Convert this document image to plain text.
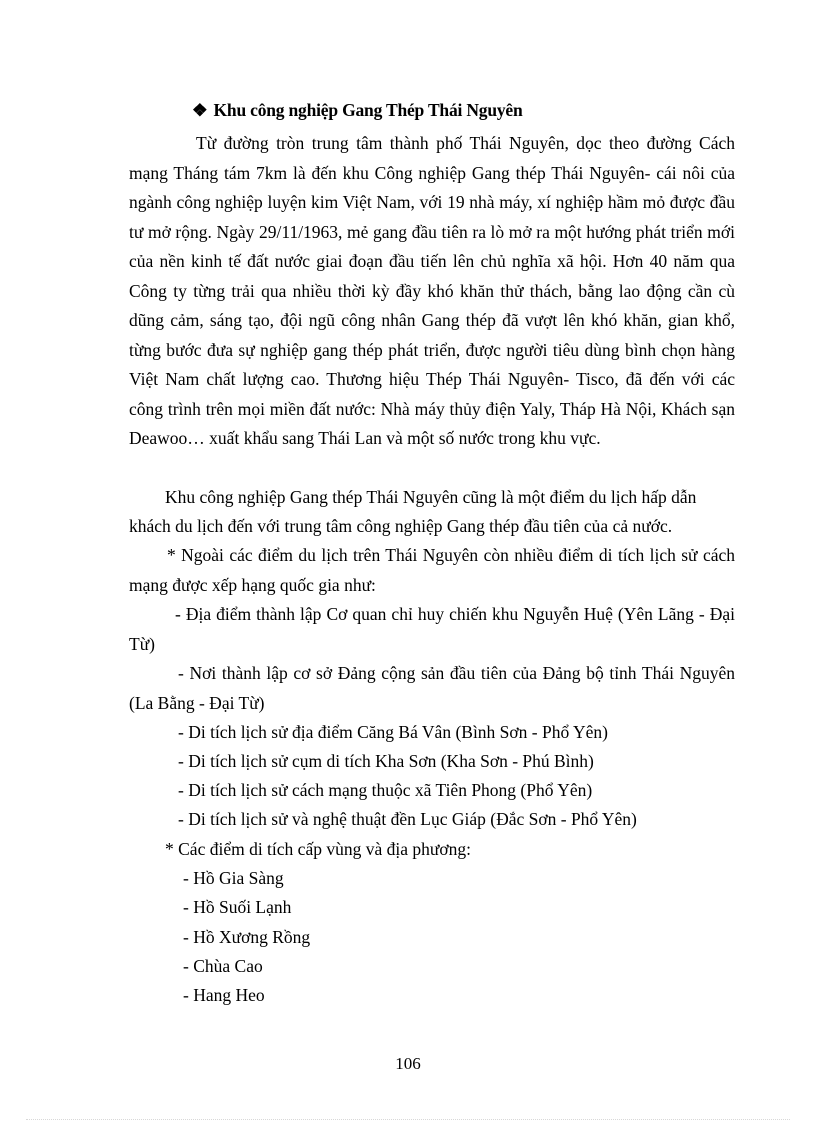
❖ Khu công nghiệp Gang Thép Thái Nguyên

Từ đường tròn trung tâm thành phố Thái Nguyên, dọc theo đường Cách mạng Tháng tám 7km là đến khu Công nghiệp Gang thép Thái Nguyên- cái nôi của ngành công nghiệp luyện kim Việt Nam, với 19 nhà máy, xí nghiệp hầm mỏ được đầu tư mở rộng. Ngày 29/11/1963, mẻ gang đầu tiên ra lò mở ra một hướng phát triển mới của nền kinh tế đất nước giai đoạn đầu tiến lên chủ nghĩa xã hội. Hơn 40 năm qua Công ty từng trải qua nhiều thời kỳ đầy khó khăn thử thách, bằng lao động cần cù dũng cảm, sáng tạo, đội ngũ công nhân Gang thép đã vượt lên khó khăn, gian khổ, từng bước đưa sự nghiệp gang thép phát triển, được người tiêu dùng bình chọn hàng Việt Nam chất lượng cao. Thương hiệu Thép Thái Nguyên- Tisco, đã đến với các công trình trên mọi miền đất nước: Nhà máy thủy điện Yaly, Tháp Hà Nội, Khách sạn Deawoo… xuất khẩu sang Thái Lan và một số nước trong khu vực.

Khu công nghiệp Gang thép Thái Nguyên cũng là một điểm du lịch hấp dẫn
khách du lịch đến với trung tâm công nghiệp Gang thép đầu tiên của cả nước.

* Ngoài các điểm du lịch trên Thái Nguyên còn nhiều điểm di tích lịch sử cách mạng được xếp hạng quốc gia như:

- Địa điểm thành lập Cơ quan chỉ huy chiến khu Nguyễn Huệ (Yên Lãng - Đại Từ)

- Nơi thành lập cơ sở Đảng cộng sản đầu tiên của Đảng bộ tỉnh Thái Nguyên (La Bằng - Đại Từ)

- Di tích lịch sử địa điểm Căng Bá Vân (Bình Sơn - Phổ Yên)
- Di tích lịch sử cụm di tích Kha Sơn (Kha Sơn - Phú Bình)
- Di tích lịch sử cách mạng thuộc xã Tiên Phong (Phổ Yên)
- Di tích lịch sử và nghệ thuật đền Lục Giáp (Đắc Sơn - Phổ Yên)
* Các điểm di tích cấp vùng và địa phương:
- Hồ Gia Sàng
- Hồ Suối Lạnh
- Hồ Xương Rồng
- Chùa Cao
- Hang Heo
106
